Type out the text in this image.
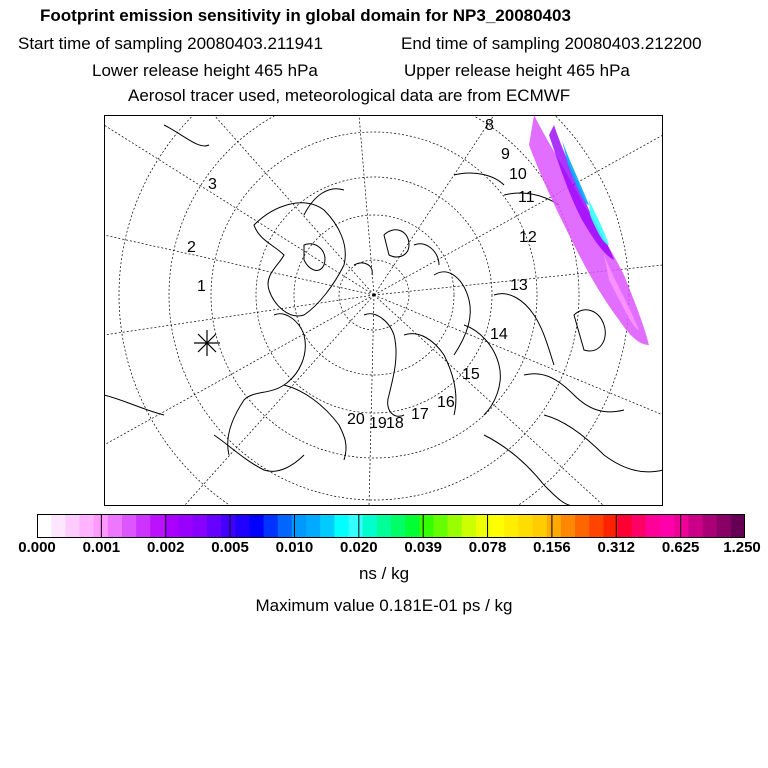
Footprint emission sensitivity in global domain for NP3_20080403
Start time of sampling 20080403.211941	End time of sampling 20080403.212200
Lower release height 465 hPa	Upper release height 465 hPa
Aerosol tracer used, meteorological data are from ECMWF
1
2
3
8
9
10
11
12
13
14
15
16
17
18
19
20
0.000 0.001 0.002 0.005 0.010 0.020 0.039 0.078 0.156 0.312 0.625 1.250
ns / kg
Maximum value 0.181E-01 ps / kg
